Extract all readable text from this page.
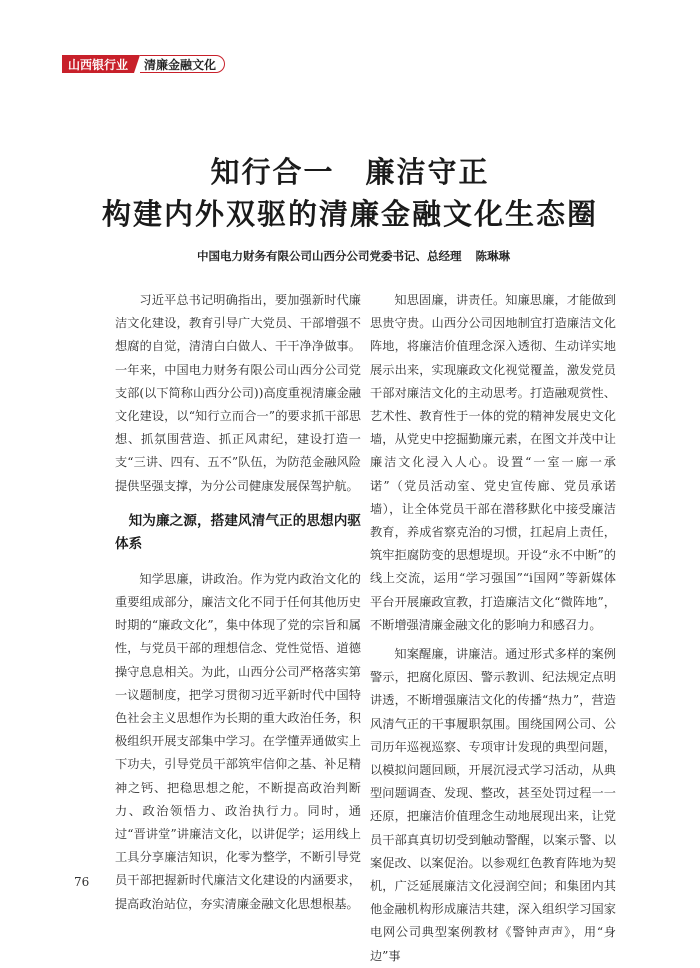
山西银行业	清廉金融文化
知行合一　廉洁守正
构建内外双驱的清廉金融文化生态圈
中国电力财务有限公司山西分公司党委书记、总经理 陈琳琳

习近平总书记明确指出，要加强新时代廉洁文化建设，教育引导广大党员、干部增强不想腐的自觉，清清白白做人、干干净净做事。一年来，中国电力财务有限公司山西分公司党支部(以下简称山西分公司))高度重视清廉金融文化建设，以“知行立而合一”的要求抓干部思想、抓氛围营造、抓正风肃纪，建设打造一支“三讲、四有、五不”队伍，为防范金融风险提供坚强支撑，为分公司健康发展保驾护航。

知为廉之源，搭建风清气正的思想内驱体系

知学思廉，讲政治。作为党内政治文化的重要组成部分，廉洁文化不同于任何其他历史时期的“廉政文化”，集中体现了党的宗旨和属性，与党员干部的理想信念、党性觉悟、道德操守息息相关。为此，山西分公司严格落实第一议题制度，把学习贯彻习近平新时代中国特色社会主义思想作为长期的重大政治任务，积极组织开展支部集中学习。在学懂弄通做实上下功夫，引导党员干部筑牢信仰之基、补足精神之钙、把稳思想之舵，不断提高政治判断力、政治领悟力、政治执行力。同时，通过“晋讲堂”讲廉洁文化，以讲促学；运用线上工具分享廉洁知识，化零为整学，不断引导党员干部把握新时代廉洁文化建设的内涵要求，提高政治站位，夯实清廉金融文化思想根基。

知思固廉，讲责任。知廉思廉，才能做到思贵守贵。山西分公司因地制宜打造廉洁文化阵地，将廉洁价值理念深入透彻、生动详实地展示出来，实现廉政文化视觉覆盖，激发党员干部对廉洁文化的主动思考。打造融观赏性、艺术性、教育性于一体的党的精神发展史文化墙，从党史中挖掘勤廉元素，在图文并茂中让廉洁文化浸入人心。设置“一室一廊一承诺”（党员活动室、党史宣传廊、党员承诺墙），让全体党员干部在潜移默化中接受廉洁教育，养成省察克治的习惯，扛起肩上责任，筑牢拒腐防变的思想堤坝。开设“永不中断”的线上交流，运用“学习强国”“i国网”等新媒体平台开展廉政宣教，打造廉洁文化“微阵地”，不断增强清廉金融文化的影响力和感召力。

知案醒廉，讲廉洁。通过形式多样的案例警示，把腐化原因、警示教训、纪法规定点明讲透，不断增强廉洁文化的传播“热力”，营造风清气正的干事履职氛围。围绕国网公司、公司历年巡视巡察、专项审计发现的典型问题，以模拟问题回顾，开展沉浸式学习活动，从典型问题调查、发现、整改，甚至处罚过程一一还原，把廉洁价值理念生动地展现出来，让党员干部真真切切受到触动警醒，以案示警、以案促改、以案促治。以参观红色教育阵地为契机，广泛延展廉洁文化浸润空间；和集团内其他金融机构形成廉洁共建，深入组织学习国家电网公司典型案例教材《警钟声声》，用“身边”事

76
